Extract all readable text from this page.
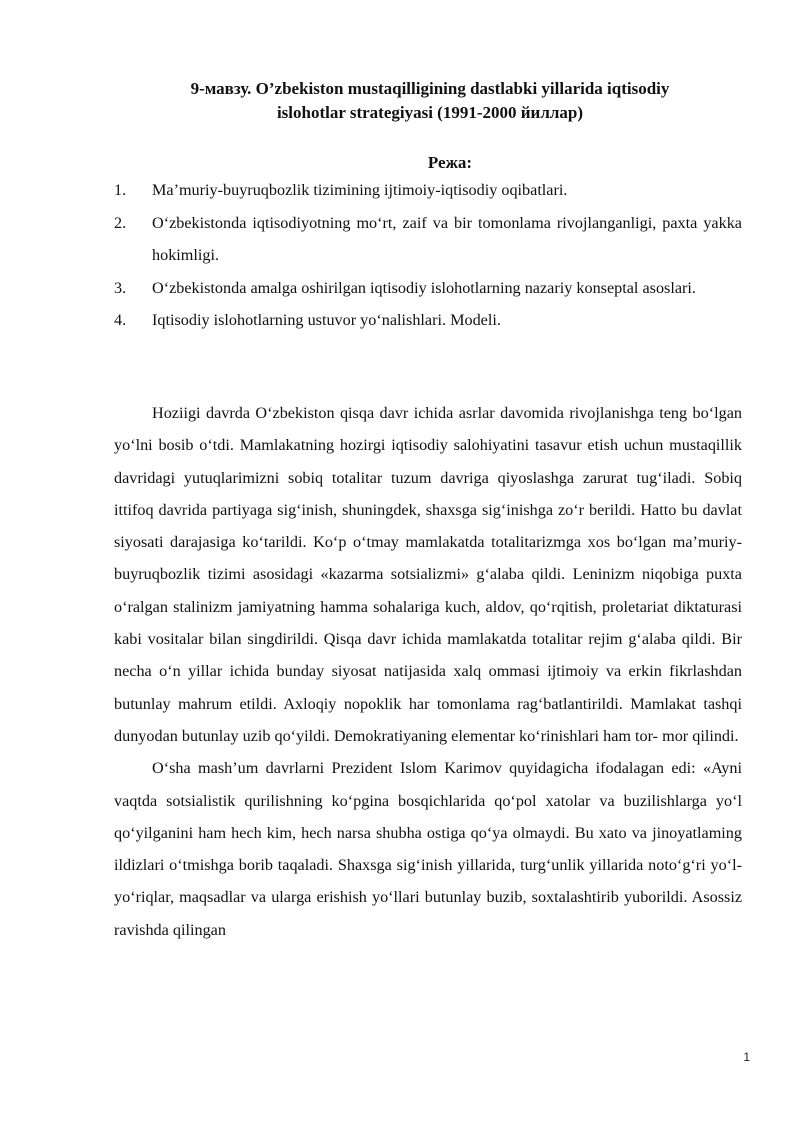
9-мавзу. O’zbekiston mustaqilligining dastlabki yillarida iqtisodiy

islohotlar strategiyasi (1991-2000 йиллар)

Режа:

1. Ma’muriy-buyruqbozlik tizimining ijtimoiy-iqtisodiy oqibatlari.
2. O‘zbekistonda iqtisodiyotning mo‘rt, zaif va bir tomonlama rivojlanganligi, paxta yakka hokimligi.
3. O‘zbekistonda amalga oshirilgan iqtisodiy islohotlarning nazariy konseptal asoslari.
4. Iqtisodiy islohotlarning ustuvor yo‘nalishlari. Modeli.

Hoziigi davrda O‘zbekiston qisqa davr ichida asrlar davomida rivojlanishga teng bo‘lgan yo‘lni bosib o‘tdi. Mamlakatning hozirgi iqtisodiy salohiyatini tasavur etish uchun mustaqillik davridagi yutuqlarimizni sobiq totalitar tuzum davriga qiyoslashga zarurat tug‘iladi. Sobiq ittifoq davrida partiyaga sig‘inish, shuningdek, shaxsga sig‘inishga zo‘r berildi. Hatto bu davlat siyosati darajasiga ko‘tarildi. Ko‘p o‘tmay mamlakatda totalitarizmga xos bo‘lgan ma’muriy-buyruqbozlik tizimi asosidagi «kazarma sotsializmi» g‘alaba qildi. Leninizm niqobiga puxta o‘ralgan stalinizm jamiyatning hamma sohalariga kuch, aldov, qo‘rqitish, proletariat diktaturasi kabi vositalar bilan singdirildi. Qisqa davr ichida mamlakatda totalitar rejim g‘alaba qildi. Bir necha o‘n yillar ichida bunday siyosat natijasida xalq ommasi ijtimoiy va erkin fikrlashdan butunlay mahrum etildi. Axloqiy nopoklik har tomonlama rag‘batlantirildi. Mamlakat tashqi dunyodan butunlay uzib qo‘yildi. Demokratiyaning elementar ko‘rinishlari ham tor- mor qilindi.

O‘sha mash’um davrlarni Prezident Islom Karimov quyidagicha ifodalagan edi: «Ayni vaqtda sotsialistik qurilishning ko‘pgina bosqichlarida qo‘pol xatolar va buzilishlarga yo‘l qo‘yilganini ham hech kim, hech narsa shubha ostiga qo‘ya olmaydi. Bu xato va jinoyatlaming ildizlari o‘tmishga borib taqaladi. Shaxsga sig‘inish yillarida, turg‘unlik yillarida noto‘g‘ri yo‘l- yo‘riqlar, maqsadlar va ularga erishish yo‘llari butunlay buzib, soxtalashtirib yuborildi. Asossiz ravishda qilingan

1
